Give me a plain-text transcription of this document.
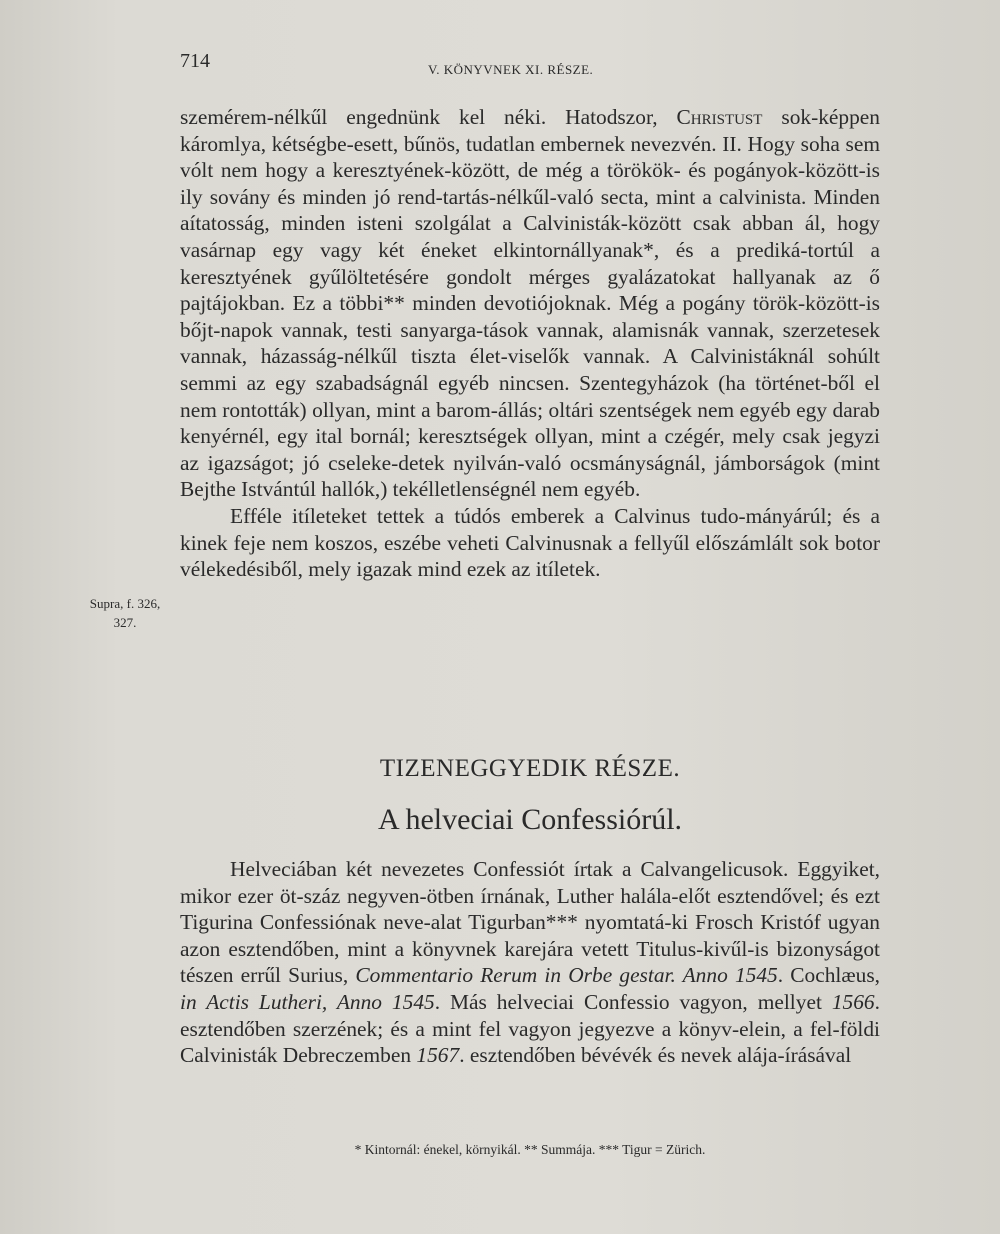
714	V. KÖNYVNEK XI. RÉSZE.

szemérem-nélkűl engednünk kel néki. Hatodszor, Christust sok-képpen káromlya, kétségbe-esett, bűnös, tudatlan embernek nevezvén. II. Hogy soha sem vólt nem hogy a keresztyének-között, de még a törökök- és pogányok-között-is ily sovány és minden jó rend-tartás-nélkűl-való secta, mint a calvinista. Minden aítatosság, minden isteni szolgálat a Calvinisták-között csak abban ál, hogy vasárnap egy vagy két éneket elkintornállyanak*, és a prediká-tortúl a keresztyének gyűlöltetésére gondolt mérges gyalázatokat hallyanak az ő pajtájokban. Ez a többi** minden devotiójoknak. Még a pogány török-között-is bőjt-napok vannak, testi sanyarga-tások vannak, alamisnák vannak, szerzetesek vannak, házasság-nélkűl tiszta élet-viselők vannak. A Calvinistáknál sohúlt semmi az egy szabadságnál egyéb nincsen. Szentegyházok (ha történet-ből el nem rontották) ollyan, mint a barom-állás; oltári szentségek nem egyéb egy darab kenyérnél, egy ital bornál; keresztségek ollyan, mint a czégér, mely csak jegyzi az igazságot; jó cseleke-detek nyilván-való ocsmányságnál, jámborságok (mint Bejthe Istvántúl hallók,) tekélletlenségnél nem egyéb.

Efféle itíleteket tettek a túdós emberek a Calvinus tudo-mányárúl; és a kinek feje nem koszos, eszébe veheti Calvinusnak a fellyűl előszámlált sok botor vélekedésiből, mely igazak mind ezek az itíletek.

Supra, f. 326,
327.
TIZENEGGYEDIK RÉSZE.
A helveciai Confessiórúl.

Helveciában két nevezetes Confessiót írtak a Calvangelicusok. Eggyiket, mikor ezer öt-száz negyven-ötben írnának, Luther halála-előt esztendővel; és ezt Tigurina Confessiónak neve-alat Tigurban*** nyomtatá-ki Frosch Kristóf ugyan azon esztendőben, mint a könyvnek karejára vetett Titulus-kivűl-is bizonyságot tészen errűl Surius, Commentario Rerum in Orbe gestar. Anno 1545. Cochlæus, in Actis Lutheri, Anno 1545. Más helveciai Confessio vagyon, mellyet 1566. esztendőben szerzének; és a mint fel vagyon jegyezve a könyv-elein, a fel-földi Calvinisták Debreczemben 1567. esztendőben bévévék és nevek alája-írásával

* Kintornál: énekel, környikál. ** Summája. *** Tigur = Zürich.
